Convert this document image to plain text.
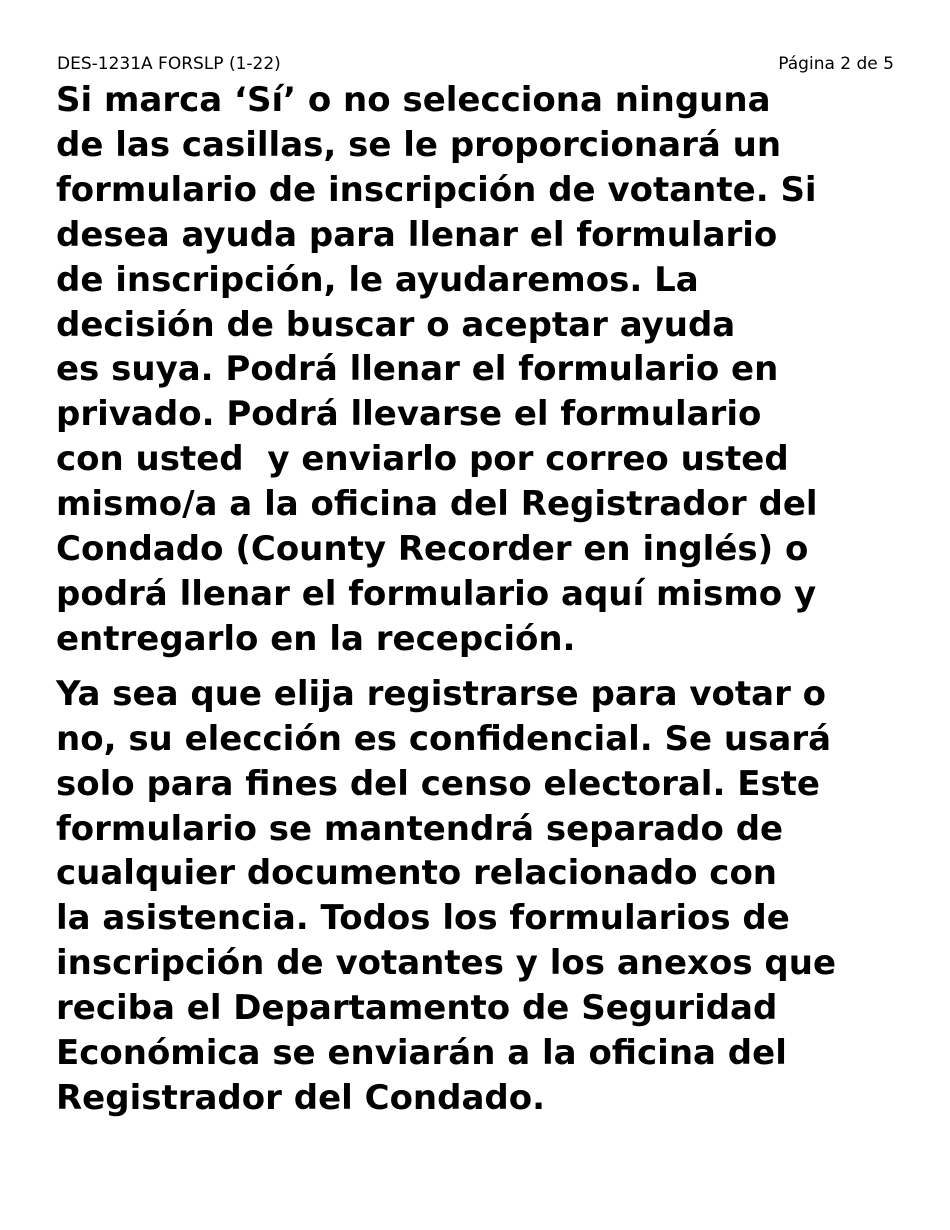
DES-1231A FORSLP (1-22)	Página 2 de 5
Si marca ‘Sí’ o no selecciona ninguna
de las casillas, se le proporcionará un
formulario de inscripción de votante. Si
desea ayuda para llenar el formulario
de inscripción, le ayudaremos. La
decisión de buscar o aceptar ayuda
es suya. Podrá llenar el formulario en
privado. Podrá llevarse el formulario
con usted  y enviarlo por correo usted
mismo/a a la oficina del Registrador del
Condado (County Recorder en inglés) o
podrá llenar el formulario aquí mismo y
entregarlo en la recepción.
Ya sea que elija registrarse para votar o
no, su elección es confidencial. Se usará
solo para fines del censo electoral. Este
formulario se mantendrá separado de
cualquier documento relacionado con
la asistencia. Todos los formularios de
inscripción de votantes y los anexos que
reciba el Departamento de Seguridad
Económica se enviarán a la oficina del
Registrador del Condado.
